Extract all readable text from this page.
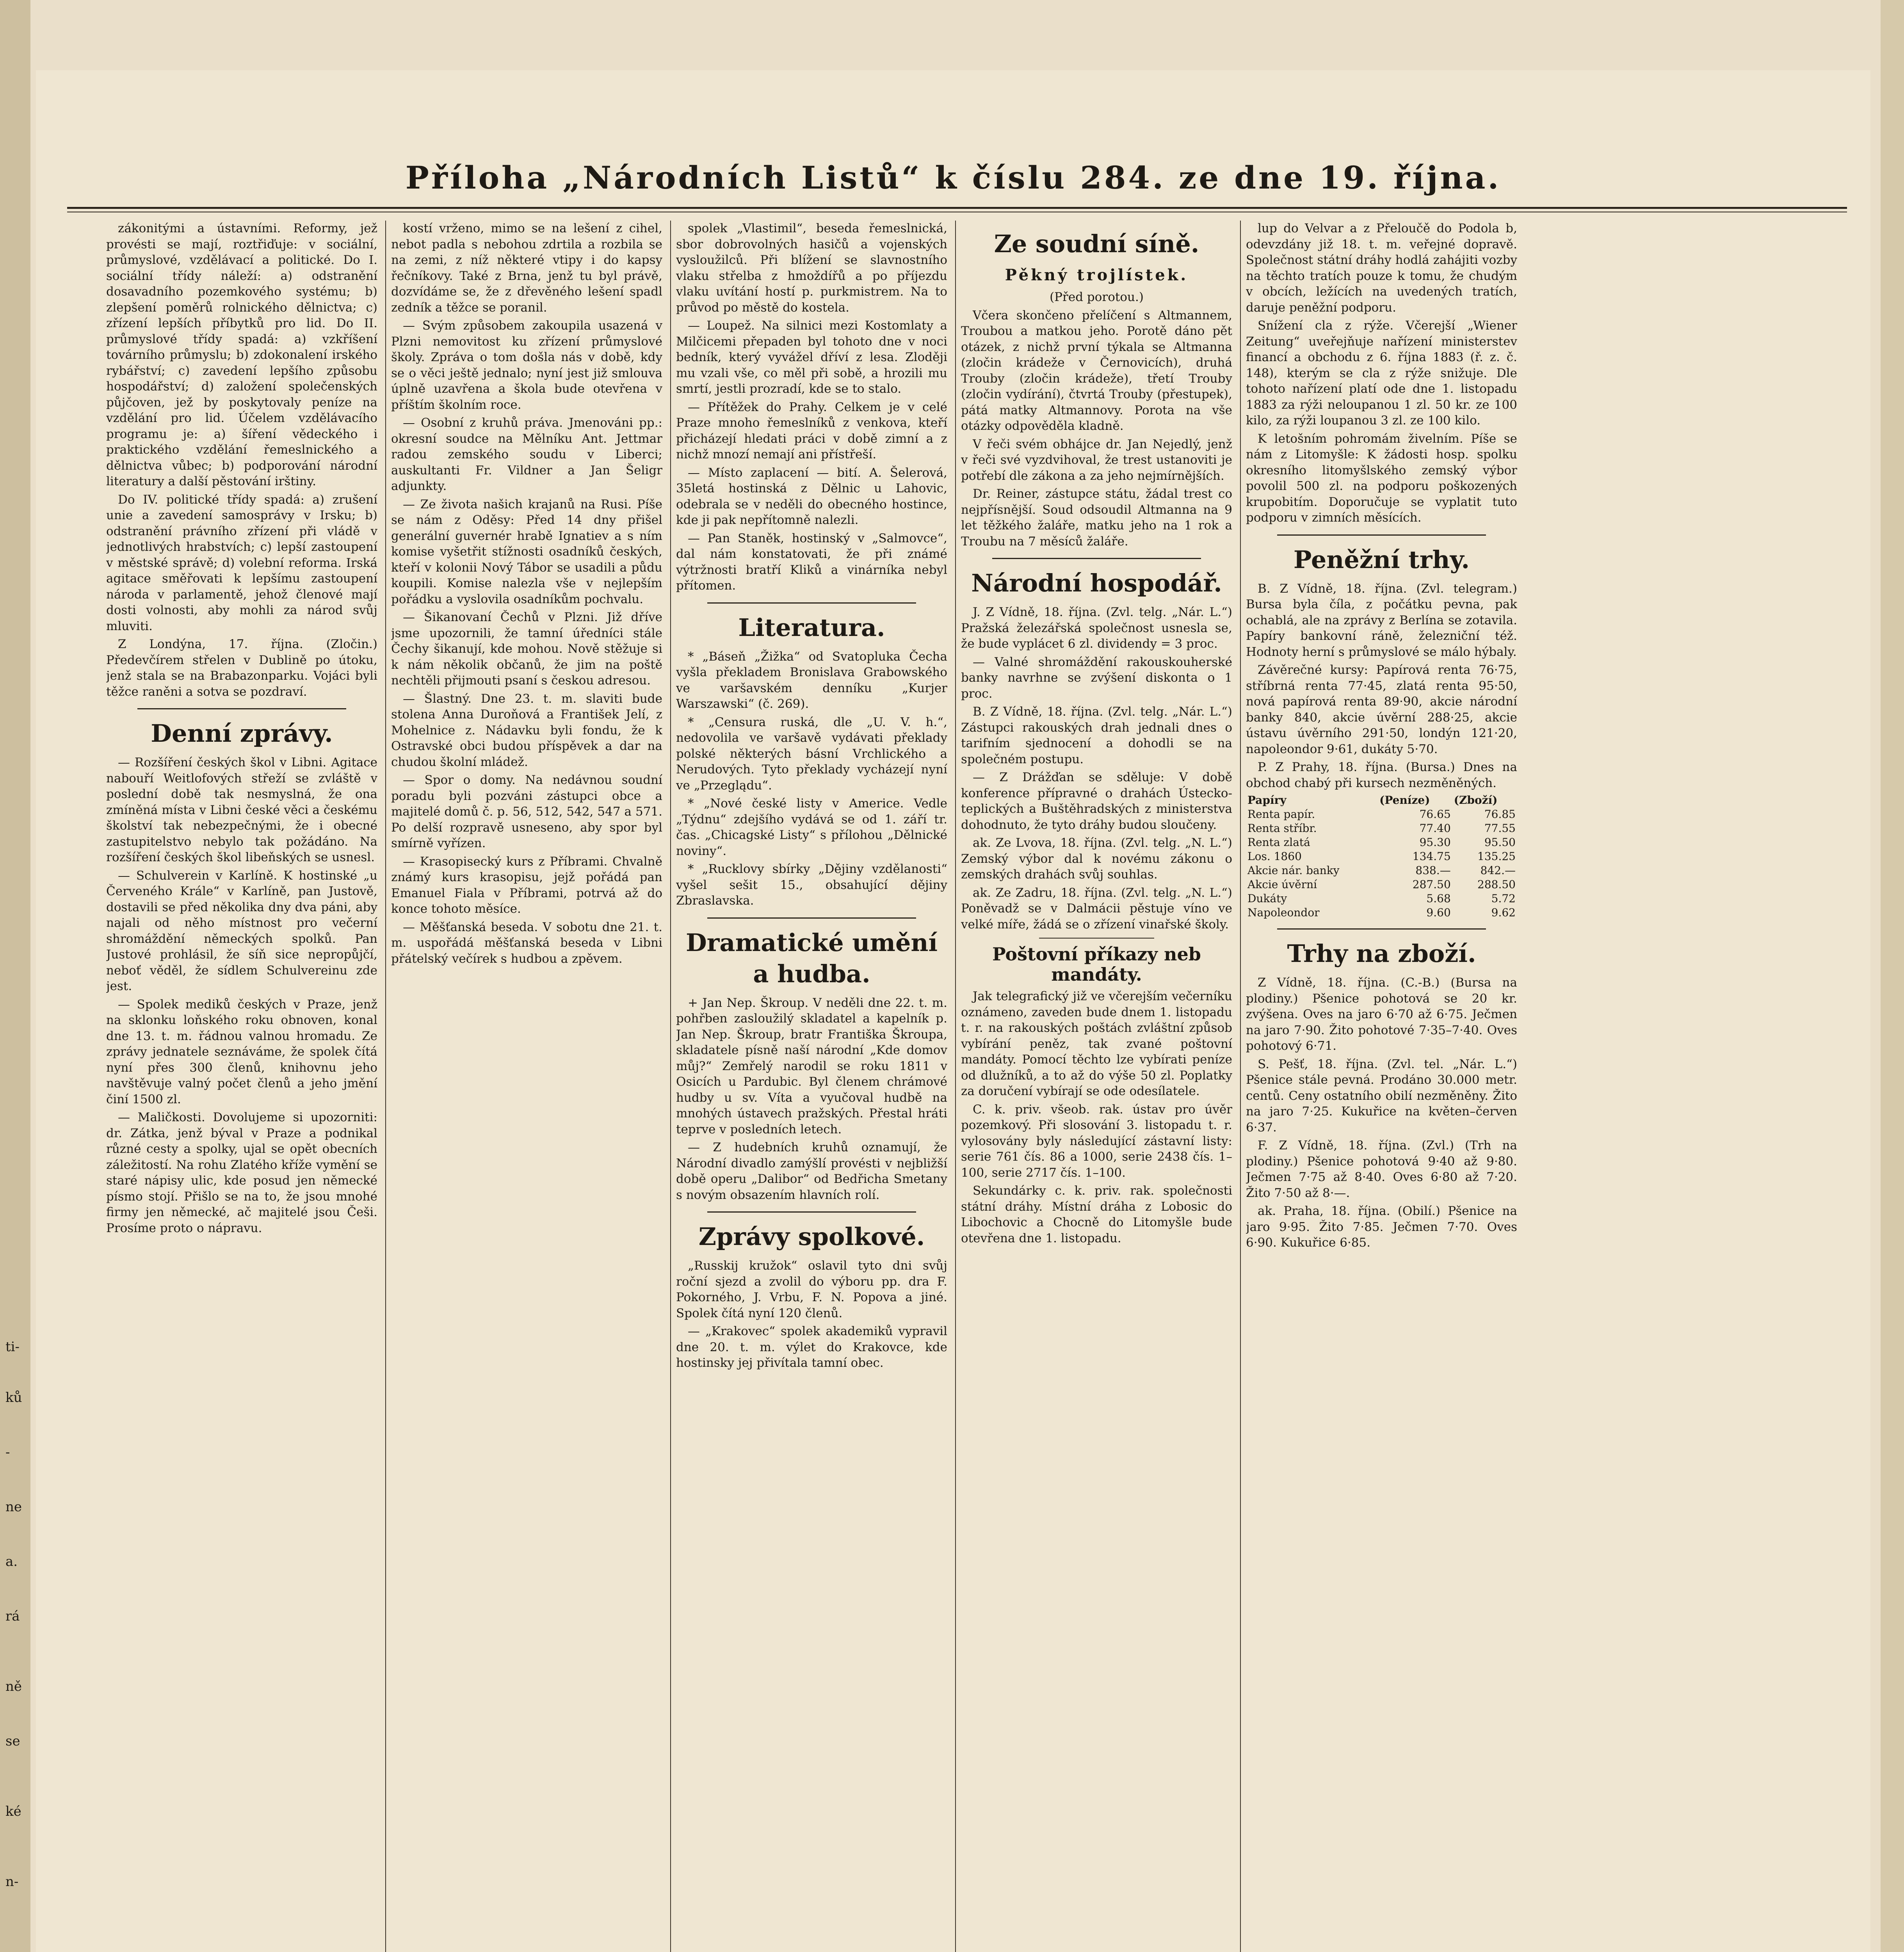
ti-
ků
-
ne
a.
rá
ně
se
ké
n-
Příloha „Národních Listů“ k číslu 284. ze dne 19. října.

zákonitými a ústavními. Reformy, jež provésti se mají, roztřiďuje: v sociální, průmyslové, vzdělávací a politické. Do I. sociální třídy náleží: a) odstranění dosavadního pozemkového systému; b) zlepšení poměrů rolnického dělnictva; c) zřízení lepších příbytků pro lid. Do II. průmyslové třídy spadá: a) vzkříšení továrního průmyslu; b) zdokonalení irského rybářství; c) zavedení lepšího způsobu hospodářství; d) založení společenských půjčoven, jež by poskytovaly peníze na vzdělání pro lid. Účelem vzdělávacího programu je: a) šíření vědeckého i praktického vzdělání řemeslnického a dělnictva vůbec; b) podporování národní literatury a další pěstování irštiny.

Do IV. politické třídy spadá: a) zrušení unie a zavedení samosprávy v Irsku; b) odstranění právního zřízení při vládě v jednotlivých hrabstvích; c) lepší zastoupení v městské správě; d) volební reforma. Irská agitace směřovati k lepšímu zastoupení národa v parlamentě, jehož členové mají dosti volnosti, aby mohli za národ svůj mluviti.

Z Londýna, 17. října. (Zločin.) Předevčírem střelen v Dublině po útoku, jenž stala se na Brabazonparku. Vojáci byli těžce raněni a sotva se pozdraví.

Denní zprávy.

— Rozšíření českých škol v Libni. Agitace nabouří Weitlofových střeží se zvláště v poslední době tak nesmyslná, že ona zmíněná místa v Libni české věci a českému školství tak nebezpečnými, že i obecné zastupitelstvo nebylo tak požádáno. Na rozšíření českých škol libeňských se usnesl.

— Schulverein v Karlíně. K hostinské „u Červeného Krále“ v Karlíně, pan Justově, dostavili se před několika dny dva páni, aby najali od něho místnost pro večerní shromáždění německých spolků. Pan Justové prohlásil, že síň sice nepropůjčí, neboť věděl, že sídlem Schulvereinu zde jest.

— Spolek mediků českých v Praze, jenž na sklonku loňského roku obnoven, konal dne 13. t. m. řádnou valnou hromadu. Ze zprávy jednatele seznáváme, že spolek čítá nyní přes 300 členů, knihovnu jeho navštěvuje valný počet členů a jeho jmění činí 1500 zl.

— Maličkosti. Dovolujeme si upozorniti: dr. Zátka, jenž býval v Praze a podnikal různé cesty a spolky, ujal se opět obecních záležitostí. Na rohu Zlatého kříže vymění se staré nápisy ulic, kde posud jen německé písmo stojí. Přišlo se na to, že jsou mnohé firmy jen německé, ač majitelé jsou Češi. Prosíme proto o nápravu.

kostí vrženo, mimo se na lešení z cihel, nebot padla s nebohou zdrtila a rozbila se na zemi, z níž některé vtipy i do kapsy řečníkovy. Také z Brna, jenž tu byl právě, dozvídáme se, že z dřevěného lešení spadl zedník a těžce se poranil.

— Svým způsobem zakoupila usazená v Plzni nemovitost ku zřízení průmyslové školy. Zpráva o tom došla nás v době, kdy se o věci ještě jednalo; nyní jest již smlouva úplně uzavřena a škola bude otevřena v příštím školním roce.

— Osobní z kruhů práva. Jmenováni pp.: okresní soudce na Mělníku Ant. Jettmar radou zemského soudu v Liberci; auskultanti Fr. Vildner a Jan Šeligr adjunkty.

— Ze života našich krajanů na Rusi. Píše se nám z Oděsy: Před 14 dny přišel generální guvernér hrabě Ignatiev a s ním komise vyšetřit stížnosti osadníků českých, kteří v kolonii Nový Tábor se usadili a půdu koupili. Komise nalezla vše v nejlepším pořádku a vyslovila osadníkům pochvalu.

— Šikanovaní Čechů v Plzni. Již dříve jsme upozornili, že tamní úředníci stále Čechy šikanují, kde mohou. Nově stěžuje si k nám několik občanů, že jim na poště nechtěli přijmouti psaní s českou adresou.

— Šlastný. Dne 23. t. m. slaviti bude stolena Anna Duroňová a František Jelí, z Mohelnice z. Nádavku byli fondu, že k Ostravské obci budou příspěvek a dar na chudou školní mládež.

— Spor o domy. Na nedávnou soudní poradu byli pozváni zástupci obce a majitelé domů č. p. 56, 512, 542, 547 a 571. Po delší rozpravě usneseno, aby spor byl smírně vyřízen.

— Krasopisecký kurs z Příbrami. Chvalně známý kurs krasopisu, jejž pořádá pan Emanuel Fiala v Příbrami, potrvá až do konce tohoto měsíce.

— Měšťanská beseda. V sobotu dne 21. t. m. uspořádá měšťanská beseda v Libni přátelský večírek s hudbou a zpěvem.

spolek „Vlastimil“, beseda řemeslnická, sbor dobrovolných hasičů a vojenských vysloužilců. Při blížení se slavnostního vlaku střelba z hmoždířů a po příjezdu vlaku uvítání hostí p. purkmistrem. Na to průvod po městě do kostela.

— Loupež. Na silnici mezi Kostomlaty a Milčicemi přepaden byl tohoto dne v noci bedník, který vyvážel dříví z lesa. Zloději mu vzali vše, co měl při sobě, a hrozili mu smrtí, jestli prozradí, kde se to stalo.

— Přítěžek do Prahy. Celkem je v celé Praze mnoho řemeslníků z venkova, kteří přicházejí hledati práci v době zimní a z nichž mnozí nemají ani přístřeší.

— Místo zaplacení — bití. A. Šelerová, 35letá hostinská z Dělnic u Lahovic, odebrala se v neděli do obecného hostince, kde ji pak nepřítomně nalezli.

— Pan Staněk, hostinský v „Salmovce“, dal nám konstatovati, že při známé výtržnosti bratří Kliků a vinárníka nebyl přítomen.

Literatura.

* „Báseň „Žižka“ od Svatopluka Čecha vyšla překladem Bronislava Grabowského ve varšavském denníku „Kurjer Warszawski“ (č. 269).

* „Censura ruská, dle „U. V. h.“, nedovolila ve varšavě vydávati překlady polské některých básní Vrchlického a Nerudových. Tyto překlady vycházejí nyní ve „Przeglądu“.

* „Nové české listy v Americe. Vedle „Týdnu“ zdejšího vydává se od 1. září tr. čas. „Chicagské Listy“ s přílohou „Dělnické noviny“.

* „Rucklovy sbírky „Dějiny vzdělanosti“ vyšel sešit 15., obsahující dějiny Zbraslavska.

Dramatické umění a hudba.

+ Jan Nep. Škroup. V neděli dne 22. t. m. pohřben zasloužilý skladatel a kapelník p. Jan Nep. Škroup, bratr Františka Škroupa, skladatele písně naší národní „Kde domov můj?“ Zemřelý narodil se roku 1811 v Osicích u Pardubic. Byl členem chrámové hudby u sv. Víta a vyučoval hudbě na mnohých ústavech pražských. Přestal hráti teprve v posledních letech.

— Z hudebních kruhů oznamují, že Národní divadlo zamýšlí provésti v nejbližší době operu „Dalibor“ od Bedřicha Smetany s novým obsazením hlavních rolí.

Zprávy spolkové.

„Russkij kružok“ oslavil tyto dni svůj roční sjezd a zvolil do výboru pp. dra F. Pokorného, J. Vrbu, F. N. Popova a jiné. Spolek čítá nyní 120 členů.

— „Krakovec“ spolek akademiků vypravil dne 20. t. m. výlet do Krakovce, kde hostinsky jej přivítala tamní obec.

Ze soudní síně.
Pěkný trojlístek.

(Před porotou.)

Včera skončeno přelíčení s Altmannem, Troubou a matkou jeho. Porotě dáno pět otázek, z nichž první týkala se Altmanna (zločin krádeže v Černovicích), druhá Trouby (zločin krádeže), třetí Trouby (zločin vydírání), čtvrtá Trouby (přestupek), pátá matky Altmannovy. Porota na vše otázky odpověděla kladně.

V řeči svém obhájce dr. Jan Nejedlý, jenž v řeči své vyzdvihoval, že trest ustanoviti je potřebí dle zákona a za jeho nejmírnějších.

Dr. Reiner, zástupce státu, žádal trest co nejpřísnější. Soud odsoudil Altmanna na 9 let těžkého žaláře, matku jeho na 1 rok a Troubu na 7 měsíců žaláře.

Národní hospodář.

J. Z Vídně, 18. října. (Zvl. telg. „Nár. L.“) Pražská železářská společnost usnesla se, že bude vyplácet 6 zl. dividendy = 3 proc.

— Valné shromáždění rakouskouherské banky navrhne se zvýšení diskonta o 1 proc.

B. Z Vídně, 18. října. (Zvl. telg. „Nár. L.“) Zástupci rakouských drah jednali dnes o tarifním sjednocení a dohodli se na společném postupu.

— Z Drážďan se sděluje: V době konference přípravné o drahách Ústecko-teplických a Buštěhradských z ministerstva dohodnuto, že tyto dráhy budou sloučeny.

ak. Ze Lvova, 18. října. (Zvl. telg. „N. L.“) Zemský výbor dal k novému zákonu o zemských drahách svůj souhlas.

ak. Ze Zadru, 18. října. (Zvl. telg. „N. L.“) Poněvadž se v Dalmácii pěstuje víno ve velké míře, žádá se o zřízení vinařské školy.

Poštovní příkazy neb mandáty.

Jak telegrafický již ve včerejším večerníku oznámeno, zaveden bude dnem 1. listopadu t. r. na rakouských poštách zvláštní způsob vybírání peněz, tak zvané poštovní mandáty. Pomocí těchto lze vybírati peníze od dlužníků, a to až do výše 50 zl. Poplatky za doručení vybírají se ode odesílatele.

C. k. priv. všeob. rak. ústav pro úvěr pozemkový. Při slosování 3. listopadu t. r. vylosovány byly následující zástavní listy: serie 761 čís. 86 a 1000, serie 2438 čís. 1–100, serie 2717 čís. 1–100.

Sekundárky c. k. priv. rak. společnosti státní dráhy. Místní dráha z Lobosic do Libochovic a Chocně do Litomyšle bude otevřena dne 1. listopadu.

lup do Velvar a z Přeloučě do Podola b, odevzdány již 18. t. m. veřejné dopravě. Společnost státní dráhy hodlá zahájiti vozby na těchto tratích pouze k tomu, že chudým v obcích, ležících na uvedených tratích, daruje peněžní podporu.

Snížení cla z rýže. Včerejší „Wiener Zeitung“ uveřejňuje nařízení ministerstev financí a obchodu z 6. října 1883 (ř. z. č. 148), kterým se cla z rýže snižuje. Dle tohoto nařízení platí ode dne 1. listopadu 1883 za rýži neloupanou 1 zl. 50 kr. ze 100 kilo, za rýži loupanou 3 zl. ze 100 kilo.

K letošním pohromám živelním. Píše se nám z Litomyšle: K žádosti hosp. spolku okresního litomyšlského zemský výbor povolil 500 zl. na podporu poškozených krupobitím. Doporučuje se vyplatit tuto podporu v zimních měsících.

Peněžní trhy.

B. Z Vídně, 18. října. (Zvl. telegram.) Bursa byla číla, z počátku pevna, pak ochablá, ale na zprávy z Berlína se zotavila. Papíry bankovní ráně, železniční též. Hodnoty herní s průmyslové se málo hýbaly.

Závěrečné kursy: Papírová renta 76·75, stříbrná renta 77·45, zlatá renta 95·50, nová papírová renta 89·90, akcie národní banky 840, akcie úvěrní 288·25, akcie ústavu úvěrního 291·50, londýn 121·20, napoleondor 9·61, dukáty 5·70.

P. Z Prahy, 18. října. (Bursa.) Dnes na obchod chabý při kursech nezměněných.

Papíry	(Peníze)	(Zboží)
Renta papír.	76.65	76.85
Renta stříbr.	77.40	77.55
Renta zlatá	95.30	95.50
Los. 1860	134.75	135.25
Akcie nár. banky	838.—	842.—
Akcie úvěrní	287.50	288.50
Dukáty	5.68	5.72
Napoleondor	9.60	9.62
Trhy na zboží.

Z Vídně, 18. října. (C.-B.) (Bursa na plodiny.) Pšenice pohotová se 20 kr. zvýšena. Oves na jaro 6·70 až 6·75. Ječmen na jaro 7·90. Žito pohotové 7·35–7·40. Oves pohotový 6·71.

S. Pešť, 18. října. (Zvl. tel. „Nár. L.“) Pšenice stále pevná. Prodáno 30.000 metr. centů. Ceny ostatního obilí nezměněny. Žito na jaro 7·25. Kukuřice na květen–červen 6·37.

F. Z Vídně, 18. října. (Zvl.) (Trh na plodiny.) Pšenice pohotová 9·40 až 9·80. Ječmen 7·75 až 8·40. Oves 6·80 až 7·20. Žito 7·50 až 8·—.

ak. Praha, 18. října. (Obilí.) Pšenice na jaro 9·95. Žito 7·85. Ječmen 7·70. Oves 6·90. Kukuřice 6·85.
